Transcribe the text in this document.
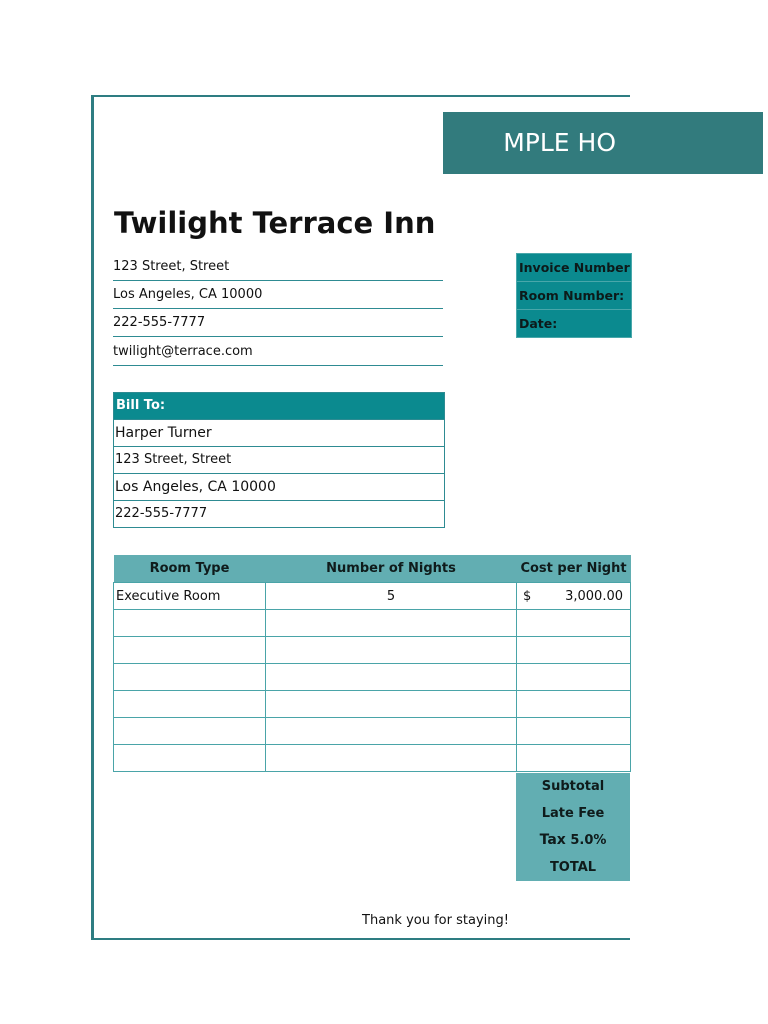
MPLE HO
Twilight Terrace Inn
123 Street, Street
Los Angeles, CA 10000
222-555-7777
twilight@terrace.com
Invoice Number
Room Number:
Date:
Bill To:
Harper Turner
123 Street, Street
Los Angeles, CA 10000
222-555-7777
Room Type	Number of Nights	Cost per Night
Executive Room	5	$ 3,000.00

Subtotal
Late Fee
Tax 5.0%
TOTAL
Thank you for staying!
